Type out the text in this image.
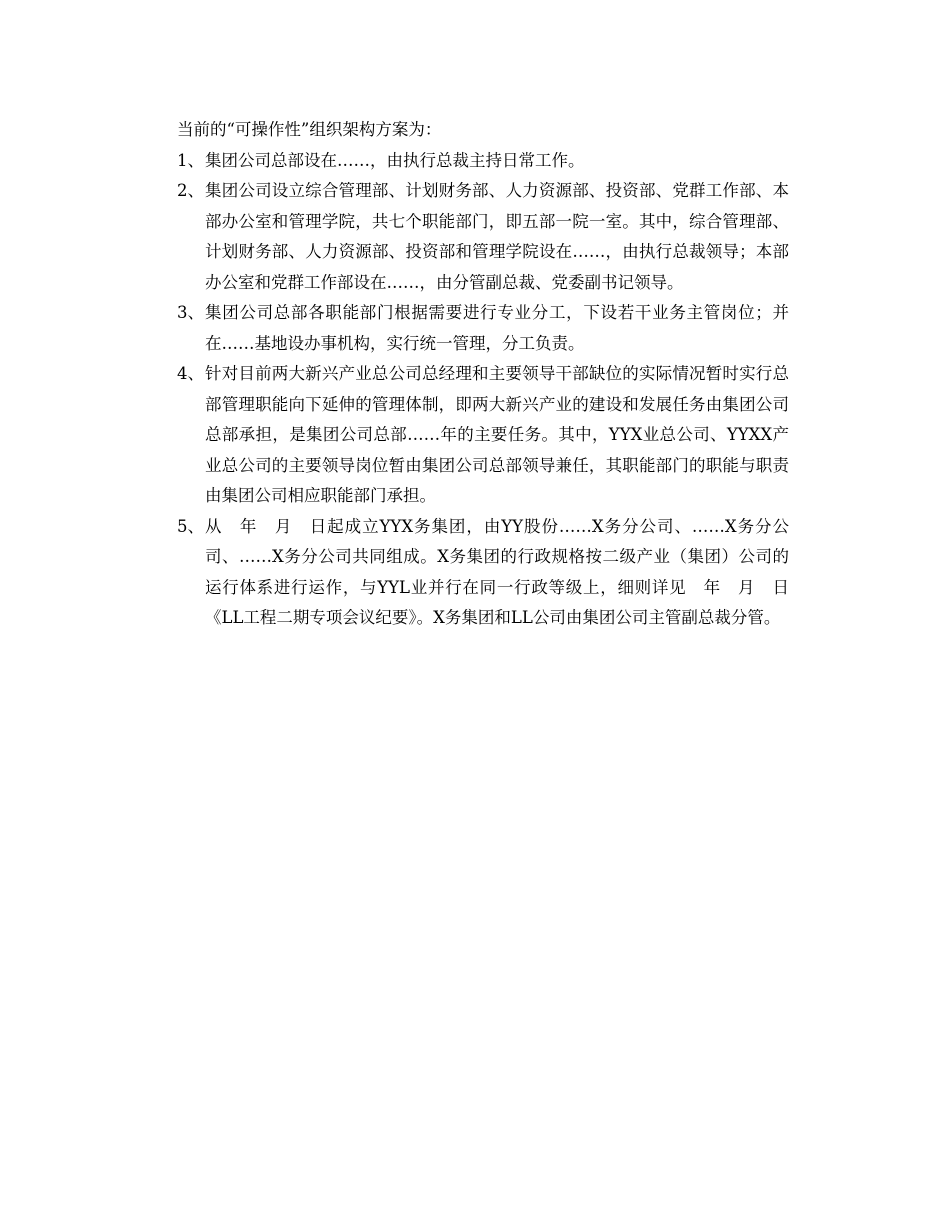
当前的“可操作性”组织架构方案为：

1、 集团公司总部设在……，由执行总裁主持日常工作。
2、 集团公司设立综合管理部、计划财务部、人力资源部、投资部、党群工作部、本部办公室和管理学院，共七个职能部门，即五部一院一室。其中，综合管理部、计划财务部、人力资源部、投资部和管理学院设在……，由执行总裁领导；本部办公室和党群工作部设在……，由分管副总裁、党委副书记领导。
3、 集团公司总部各职能部门根据需要进行专业分工，下设若干业务主管岗位；并在……基地设办事机构，实行统一管理，分工负责。
4、 针对目前两大新兴产业总公司总经理和主要领导干部缺位的实际情况暂时实行总部管理职能向下延伸的管理体制，即两大新兴产业的建设和发展任务由集团公司总部承担，是集团公司总部……年的主要任务。其中，YYX业总公司、YYXX产业总公司的主要领导岗位暂由集团公司总部领导兼任，其职能部门的职能与职责由集团公司相应职能部门承担。
5、 从　年　月　日起成立YYX务集团，由YY股份……X务分公司、……X务分公司、……X务分公司共同组成。X务集团的行政规格按二级产业（集团）公司的运行体系进行运作，与YYL业并行在同一行政等级上，细则详见　年　月　日《LL工程二期专项会议纪要》。X务集团和LL公司由集团公司主管副总裁分管。
